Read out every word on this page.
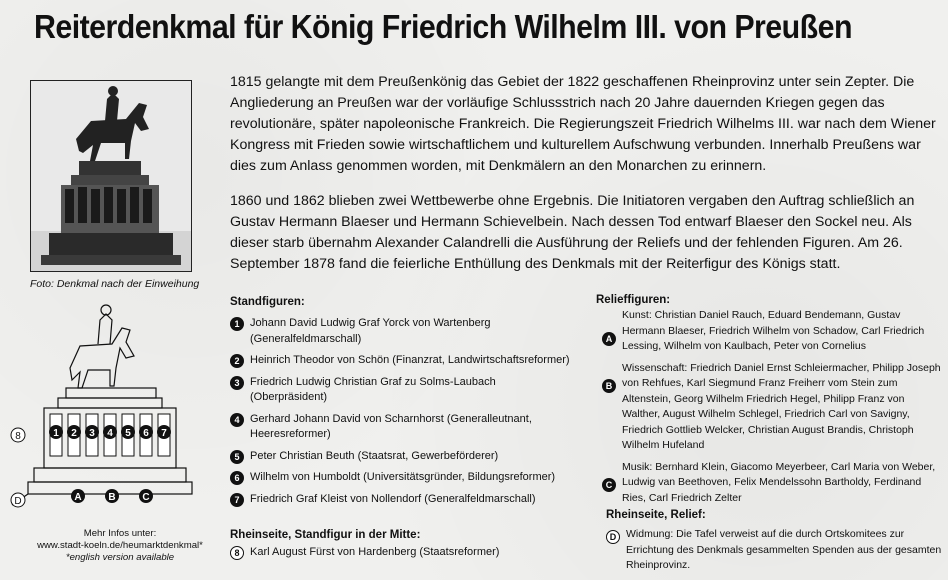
Reiterdenkmal für König Friedrich Wilhelm III. von Preußen

1815 gelangte mit dem Preußenkönig das Gebiet der 1822 geschaffenen Rheinprovinz unter sein Zepter. Die Angliederung an Preußen war der vorläufige Schlussstrich nach 20 Jahre dauernden Kriegen gegen das revolutionäre, später napoleonische Frankreich. Die Regierungszeit Friedrich Wilhelms III. war nach dem Wiener Kongress mit Frieden sowie wirtschaftlichem und kulturellem Aufschwung verbunden. Innerhalb Preußens war dies zum Anlass genommen worden, mit Denkmälern an den Monarchen zu erinnern.

1860 und 1862 blieben zwei Wettbewerbe ohne Ergebnis. Die Initiatoren vergaben den Auftrag schließlich an Gustav Hermann Blaeser und Hermann Schievelbein. Nach dessen Tod entwarf Blaeser den Sockel neu. Als dieser starb übernahm Alexander Calandrelli die Ausführung der Reliefs und der fehlenden Figuren. Am 26. September 1878 fand die feierliche Enthüllung des Denkmals mit der Reiterfigur des Königs statt.

Foto: Denkmal nach der Einweihung
1 2 3 4 5 6 7
8
A	B	C
D
Mehr Infos unter:
www.stadt-koeln.de/heumarktdenkmal*
*english version available
Standfiguren:
1 Johann David Ludwig Graf Yorck von Wartenberg (Generalfeldmarschall)
2 Heinrich Theodor von Schön (Finanzrat, Landwirtschaftsreformer)
3 Friedrich Ludwig Christian Graf zu Solms-Laubach (Oberpräsident)
4 Gerhard Johann David von Scharnhorst (Generalleutnant, Heeresreformer)
5 Peter Christian Beuth (Staatsrat, Gewerbeförderer)
6 Wilhelm von Humboldt (Universitätsgründer, Bildungsreformer)
7 Friedrich Graf Kleist von Nollendorf (Generalfeldmarschall)
Rheinseite, Standfigur in der Mitte:
8 Karl August Fürst von Hardenberg (Staatsreformer)
Relieffiguren:
A
Kunst: Christian Daniel Rauch, Eduard Bendemann, Gustav Hermann Blaeser, Friedrich Wilhelm von Schadow, Carl Friedrich Lessing, Wilhelm von Kaulbach, Peter von Cornelius
B
Wissenschaft: Friedrich Daniel Ernst Schleiermacher, Philipp Joseph von Rehfues, Karl Siegmund Franz Freiherr vom Stein zum Altenstein, Georg Wilhelm Friedrich Hegel, Philipp Franz von Walther, August Wilhelm Schlegel, Friedrich Carl von Savigny, Friedrich Gottlieb Welcker, Christian August Brandis, Christoph Wilhelm Hufeland
C
Musik: Bernhard Klein, Giacomo Meyerbeer, Carl Maria von Weber, Ludwig van Beethoven, Felix Mendelssohn Bartholdy, Ferdinand Ries, Carl Friedrich Zelter
Rheinseite, Relief:
D Widmung: Die Tafel verweist auf die durch Ortskomitees zur Errichtung des Denkmals gesammelten Spenden aus der gesamten Rheinprovinz.
